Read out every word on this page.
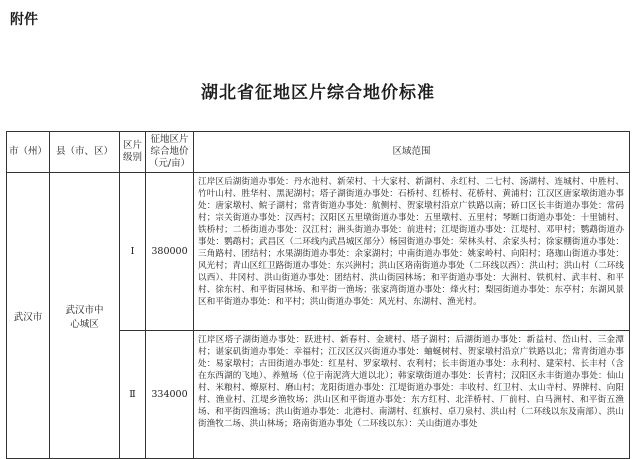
附件
湖北省征地区片综合地价标准
市（州）	县（市、区）	区片级别	征地区片综合地价（元/亩）	区域范围
武汉市	武汉市中心城区	Ⅰ	380000	江岸区后湖街道办事处：丹水池村、新荣村、十大家村、新湖村、永红村、二七村、汤湖村、连城村、中胜村、竹叶山村、胜华村、黑泥湖村；塔子湖街道办事处：石桥村、红桥村、花桥村、黄浦村；江汉区唐家墩街道办事处：唐家墩村、鲩子湖村；常青街道办事处：航侧村、贺家墩村沿京广铁路以南；硚口区长丰街道办事处：常码村；宗关街道办事处：汉西村；汉阳区五里墩街道办事处：五里墩村、五里村；琴断口街道办事处：十里铺村、铁桥村；二桥街道办事处：汉江村；洲头街道办事处：前进村；江堤街道办事处：江堤村、邓甲村；鹦鹉街道办事处：鹦鹉村；武昌区（二环线内武昌城区部分）杨园街道办事处：荣林头村、余家头村；徐家棚街道办事处：三角路村、团结村；水果湖街道办事处：余家湖村；中南街道办事处：姚家岭村、向阳村；珞珈山街道办事处：风光村；青山区红卫路街道办事处：东兴洲村；洪山区珞南街道办事处（二环线以西）：洪山村；洪山村（二环线以西）、井冈村、洪山街道办事处：团结村、洪山街园林场；和平街道办事处：大洲村、铁机村、武丰村、和平村、徐东村、和平街园林场、和平街一渔场；张家湾街道办事处：烽火村；梨园街道办事处：东亭村；东湖风景区和平街道办事处：和平村；洪山街道办事处：风光村、东湖村、渔光村。
		Ⅱ	334000	江岸区塔子湖街道办事处：跃进村、新春村、金琥村、塔子湖村；后湖街道办事处：新益村、岱山村、三金潭村；谌家矶街道办事处：幸福村；江汉区汉兴街道办事处：蚰蜒树村、贺家墩村沿京广铁路以北；常青街道办事处：易家墩村；古田街道办事处：红星村、罗家墩村、农利村；长丰街道办事处：永利村、建荣村、长丰村（含在东西湖的飞地）、养殖场（位于南泥湾大道以北）；韩家墩街道办事处：长青村；汉阳区永丰街道办事处：仙山村、米粮村、燎原村、磨山村；龙阳街道办事处：江堤街道办事处：丰收村、红卫村、太山寺村、界牌村、向阳村、渔业村、江堤乡渔牧场；洪山区和平街道办事处：东方红村、北洋桥村、厂前村、白马洲村、和平街五渔场、和平街四渔场；洪山街道办事处：北港村、南湖村、红旗村、卓刀泉村、洪山村（二环线以东及南部）、洪山街渔牧二场、洪山林场；珞南街道办事处（二环线以东）：关山街道办事处
